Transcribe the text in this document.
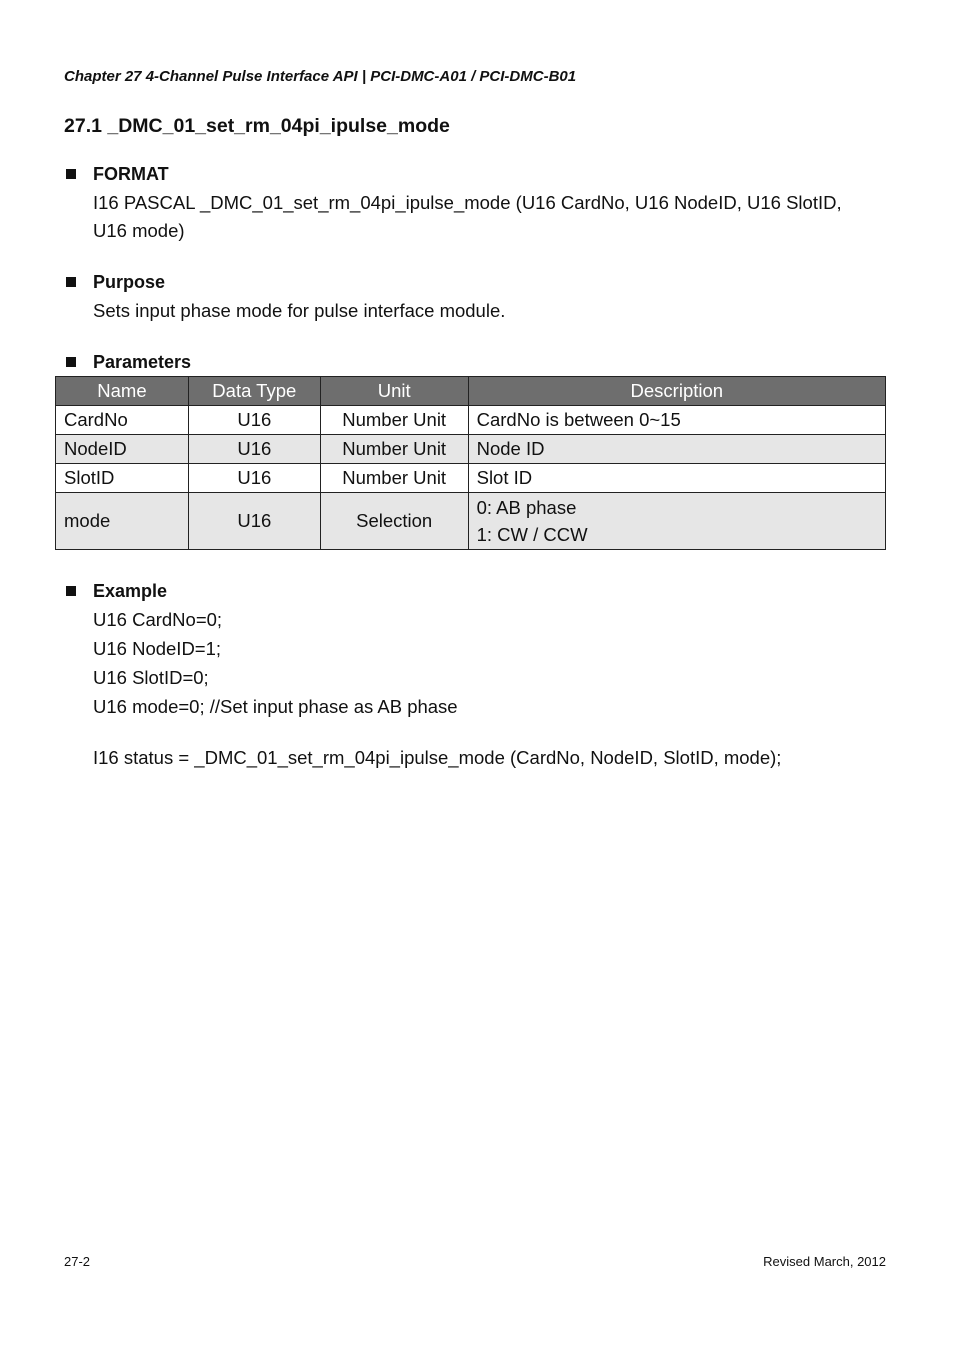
Chapter 27 4-Channel Pulse Interface API | PCI-DMC-A01 / PCI-DMC-B01
27.1 _DMC_01_set_rm_04pi_ipulse_mode
FORMAT
I16 PASCAL _DMC_01_set_rm_04pi_ipulse_mode (U16 CardNo, U16 NodeID, U16 SlotID,
U16 mode)
Purpose
Sets input phase mode for pulse interface module.
Parameters
Name	Data Type	Unit	Description
CardNo	U16	Number Unit	CardNo is between 0~15
NodeID	U16	Number Unit	Node ID
SlotID	U16	Number Unit	Slot ID
mode	U16	Selection	0: AB phase
1: CW / CCW
Example
U16 CardNo=0;
U16 NodeID=1;
U16 SlotID=0;
U16 mode=0; //Set input phase as AB phase
I16 status = _DMC_01_set_rm_04pi_ipulse_mode (CardNo, NodeID, SlotID, mode);
27-2	Revised March, 2012
